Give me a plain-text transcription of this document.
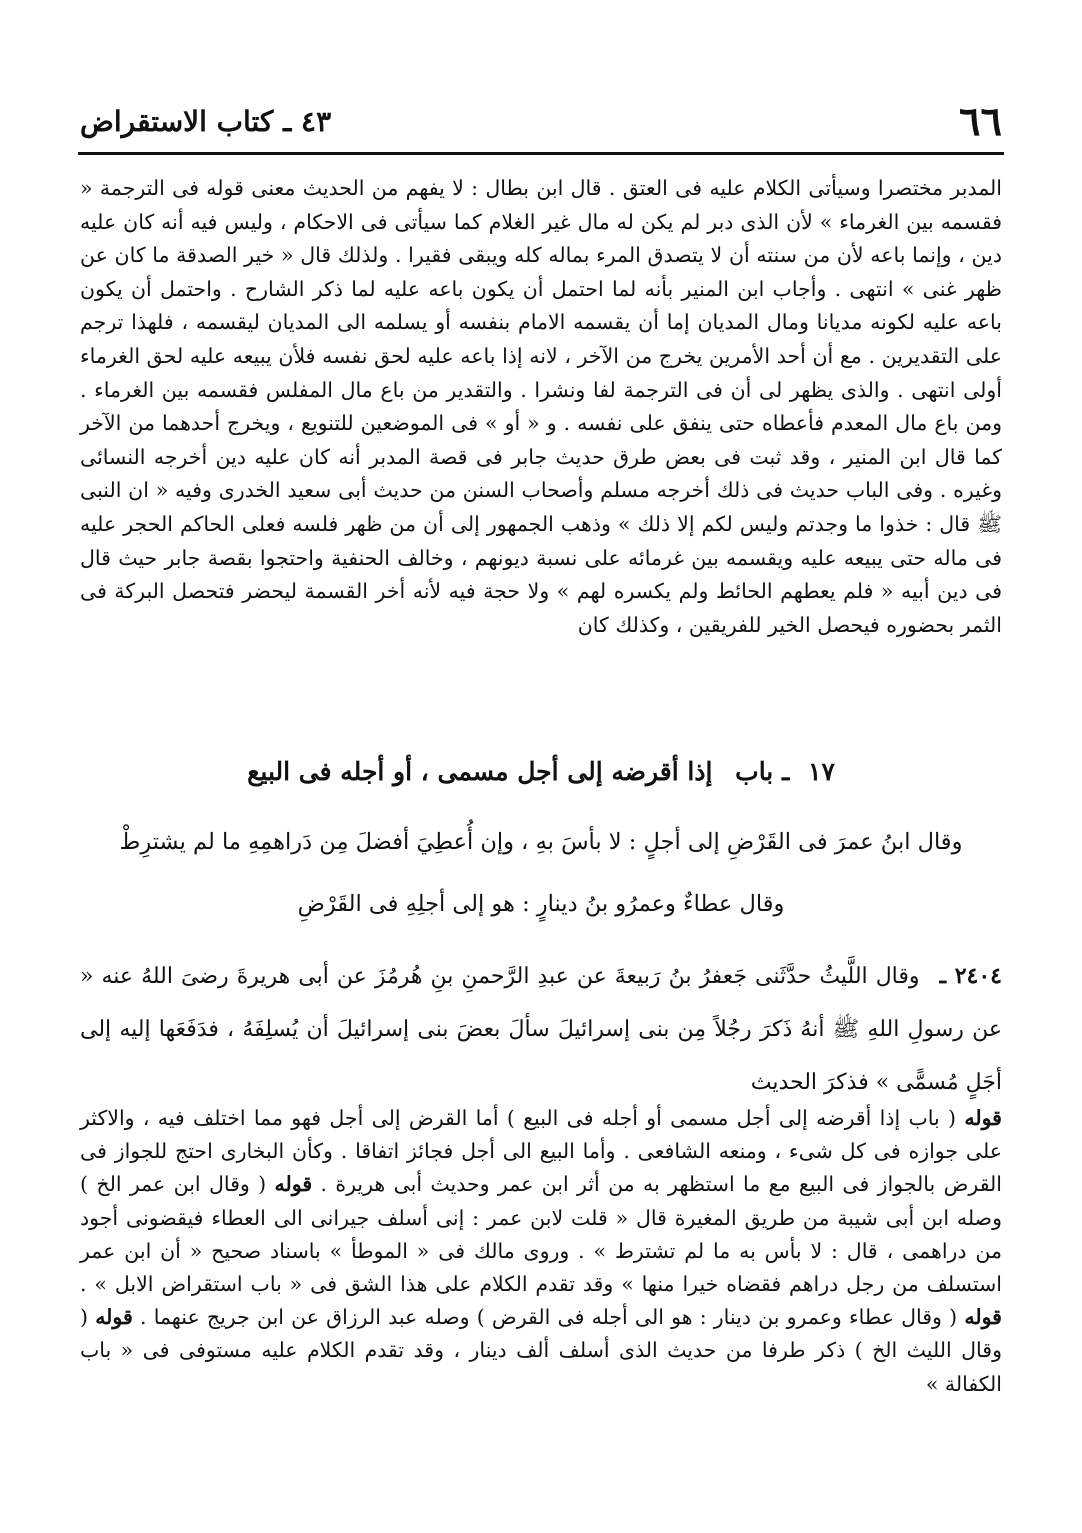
٦٦
٤٣ ـ كتاب الاستقراض

المدبر مختصرا وسيأتى الكلام عليه فى العتق . قال ابن بطال : لا يفهم من الحديث معنى قوله فى الترجمة « فقسمه بين الغرماء » لأن الذى دبر لم يكن له مال غير الغلام كما سيأتى فى الاحكام ، وليس فيه أنه كان عليه دين ، وإنما باعه لأن من سنته أن لا يتصدق المرء بماله كله ويبقى فقيرا . ولذلك قال « خير الصدقة ما كان عن ظهر غنى » انتهى . وأجاب ابن المنير بأنه لما احتمل أن يكون باعه عليه لما ذكر الشارح . واحتمل أن يكون باعه عليه لكونه مديانا ومال المديان إما أن يقسمه الامام بنفسه أو يسلمه الى المديان ليقسمه ، فلهذا ترجم على التقديرين . مع أن أحد الأمرين يخرج من الآخر ، لانه إذا باعه عليه لحق نفسه فلأن يبيعه عليه لحق الغرماء أولى انتهى . والذى يظهر لى أن فى الترجمة لفا ونشرا . والتقدير من باع مال المفلس فقسمه بين الغرماء . ومن باع مال المعدم فأعطاه حتى ينفق على نفسه . و « أو » فى الموضعين للتنويع ، ويخرج أحدهما من الآخر كما قال ابن المنير ، وقد ثبت فى بعض طرق حديث جابر فى قصة المدبر أنه كان عليه دين أخرجه النسائى وغيره . وفى الباب حديث فى ذلك أخرجه مسلم وأصحاب السنن من حديث أبى سعيد الخدرى وفيه « ان النبى ﷺ قال : خذوا ما وجدتم وليس لكم إلا ذلك » وذهب الجمهور إلى أن من ظهر فلسه فعلى الحاكم الحجر عليه فى ماله حتى يبيعه عليه ويقسمه بين غرمائه على نسبة ديونهم ، وخالف الحنفية واحتجوا بقصة جابر حيث قال فى دين أبيه « فلم يعطهم الحائط ولم يكسره لهم » ولا حجة فيه لأنه أخر القسمة ليحضر فتحصل البركة فى الثمر بحضوره فيحصل الخير للفريقين ، وكذلك كان

١٧ ـ باب إذا أقرضه إلى أجل مسمى ، أو أجله فى البيع

وقال ابنُ عمرَ فى القَرْضِ إلى أجلٍ : لا بأسَ بهِ ، وإن أُعطِيَ أفضلَ مِن دَراهمِهِ ما لم يشترِطْ

وقال عطاءٌ وعمرُو بنُ دينارٍ : هو إلى أجلِهِ فى القَرْضِ

٢٤٠٤ ـ وقال اللَّيثُ حدَّثَنى جَعفرُ بنُ رَبيعةَ عن عبدِ الرَّحمنِ بنِ هُرمُزَ عن أبى هريرةَ رضىَ اللهُ عنه « عن رسولِ اللهِ ﷺ أنهُ ذَكرَ رجُلاً مِن بنى إسرائيلَ سألَ بعضَ بنى إسرائيلَ أن يُسلِفَهُ ، فدَفَعَها إليه إلى أجَلٍ مُسمًّى » فذكرَ الحديث

قوله ( باب إذا أقرضه إلى أجل مسمى أو أجله فى البيع ) أما القرض إلى أجل فهو مما اختلف فيه ، والاكثر على جوازه فى كل شىء ، ومنعه الشافعى . وأما البيع الى أجل فجائز اتفاقا . وكأن البخارى احتج للجواز فى القرض بالجواز فى البيع مع ما استظهر به من أثر ابن عمر وحديث أبى هريرة . قوله ( وقال ابن عمر الخ ) وصله ابن أبى شيبة من طريق المغيرة قال « قلت لابن عمر : إنى أسلف جيرانى الى العطاء فيقضونى أجود من دراهمى ، قال : لا بأس به ما لم تشترط » . وروى مالك فى « الموطأ » باسناد صحيح « أن ابن عمر استسلف من رجل دراهم فقضاه خيرا منها » وقد تقدم الكلام على هذا الشق فى « باب استقراض الابل » . قوله ( وقال عطاء وعمرو بن دينار : هو الى أجله فى القرض ) وصله عبد الرزاق عن ابن جريج عنهما . قوله ( وقال الليث الخ ) ذكر طرفا من حديث الذى أسلف ألف دينار ، وقد تقدم الكلام عليه مستوفى فى « باب الكفالة »
